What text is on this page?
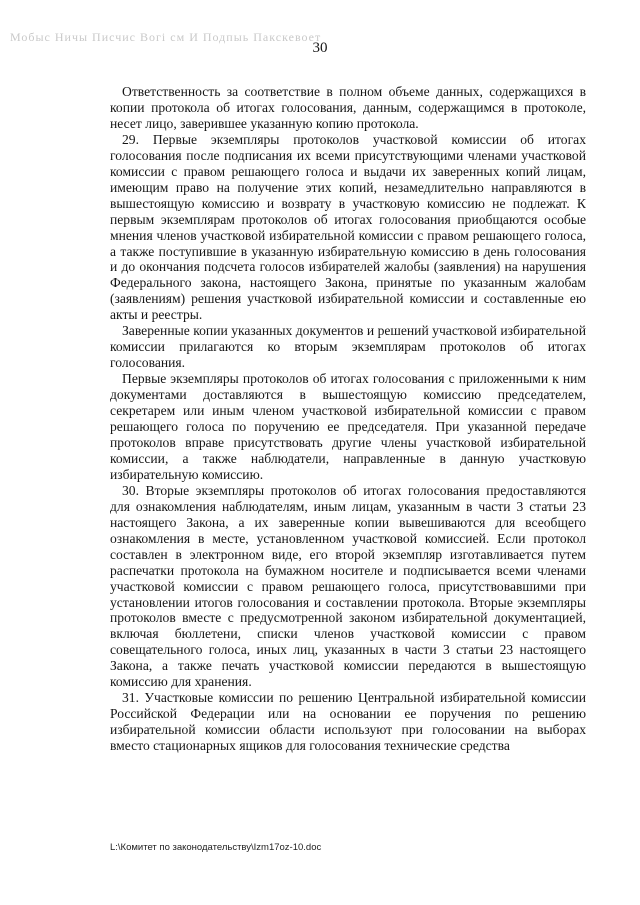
Мобыс Ничы Писчис Вогі см И Подпыь Пакскевоет
30

Ответственность за соответствие в полном объеме данных, содержащихся в копии протокола об итогах голосования, данным, содержащимся в протоколе, несет лицо, заверившее указанную копию протокола.

29. Первые экземпляры протоколов участковой комиссии об итогах голосования после подписания их всеми присутствующими членами участковой комиссии с правом решающего голоса и выдачи их заверенных копий лицам, имеющим право на получение этих копий, незамедлительно направляются в вышестоящую комиссию и возврату в участковую комиссию не подлежат. К первым экземплярам протоколов об итогах голосования приобщаются особые мнения членов участковой избирательной комиссии с правом решающего голоса, а также поступившие в указанную избирательную комиссию в день голосования и до окончания подсчета голосов избирателей жалобы (заявления) на нарушения Федерального закона, настоящего Закона, принятые по указанным жалобам (заявлениям) решения участковой избирательной комиссии и составленные ею акты и реестры.

Заверенные копии указанных документов и решений участковой избирательной комиссии прилагаются ко вторым экземплярам протоколов об итогах голосования.

Первые экземпляры протоколов об итогах голосования с приложенными к ним документами доставляются в вышестоящую комиссию председателем, секретарем или иным членом участковой избирательной комиссии с правом решающего голоса по поручению ее председателя. При указанной передаче протоколов вправе присутствовать другие члены участковой избирательной комиссии, а также наблюдатели, направленные в данную участковую избирательную комиссию.

30. Вторые экземпляры протоколов об итогах голосования предоставляются для ознакомления наблюдателям, иным лицам, указанным в части 3 статьи 23 настоящего Закона, а их заверенные копии вывешиваются для всеобщего ознакомления в месте, установленном участковой комиссией. Если протокол составлен в электронном виде, его второй экземпляр изготавливается путем распечатки протокола на бумажном носителе и подписывается всеми членами участковой комиссии с правом решающего голоса, присутствовавшими при установлении итогов голосования и составлении протокола. Вторые экземпляры протоколов вместе с предусмотренной законом избирательной документацией, включая бюллетени, списки членов участковой комиссии с правом совещательного голоса, иных лиц, указанных в части 3 статьи 23 настоящего Закона, а также печать участковой комиссии передаются в вышестоящую комиссию для хранения.

31. Участковые комиссии по решению Центральной избирательной комиссии Российской Федерации или на основании ее поручения по решению избирательной комиссии области используют при голосовании на выборах вместо стационарных ящиков для голосования технические средства

L:\Комитет по законодательству\Izm17oz-10.doc
